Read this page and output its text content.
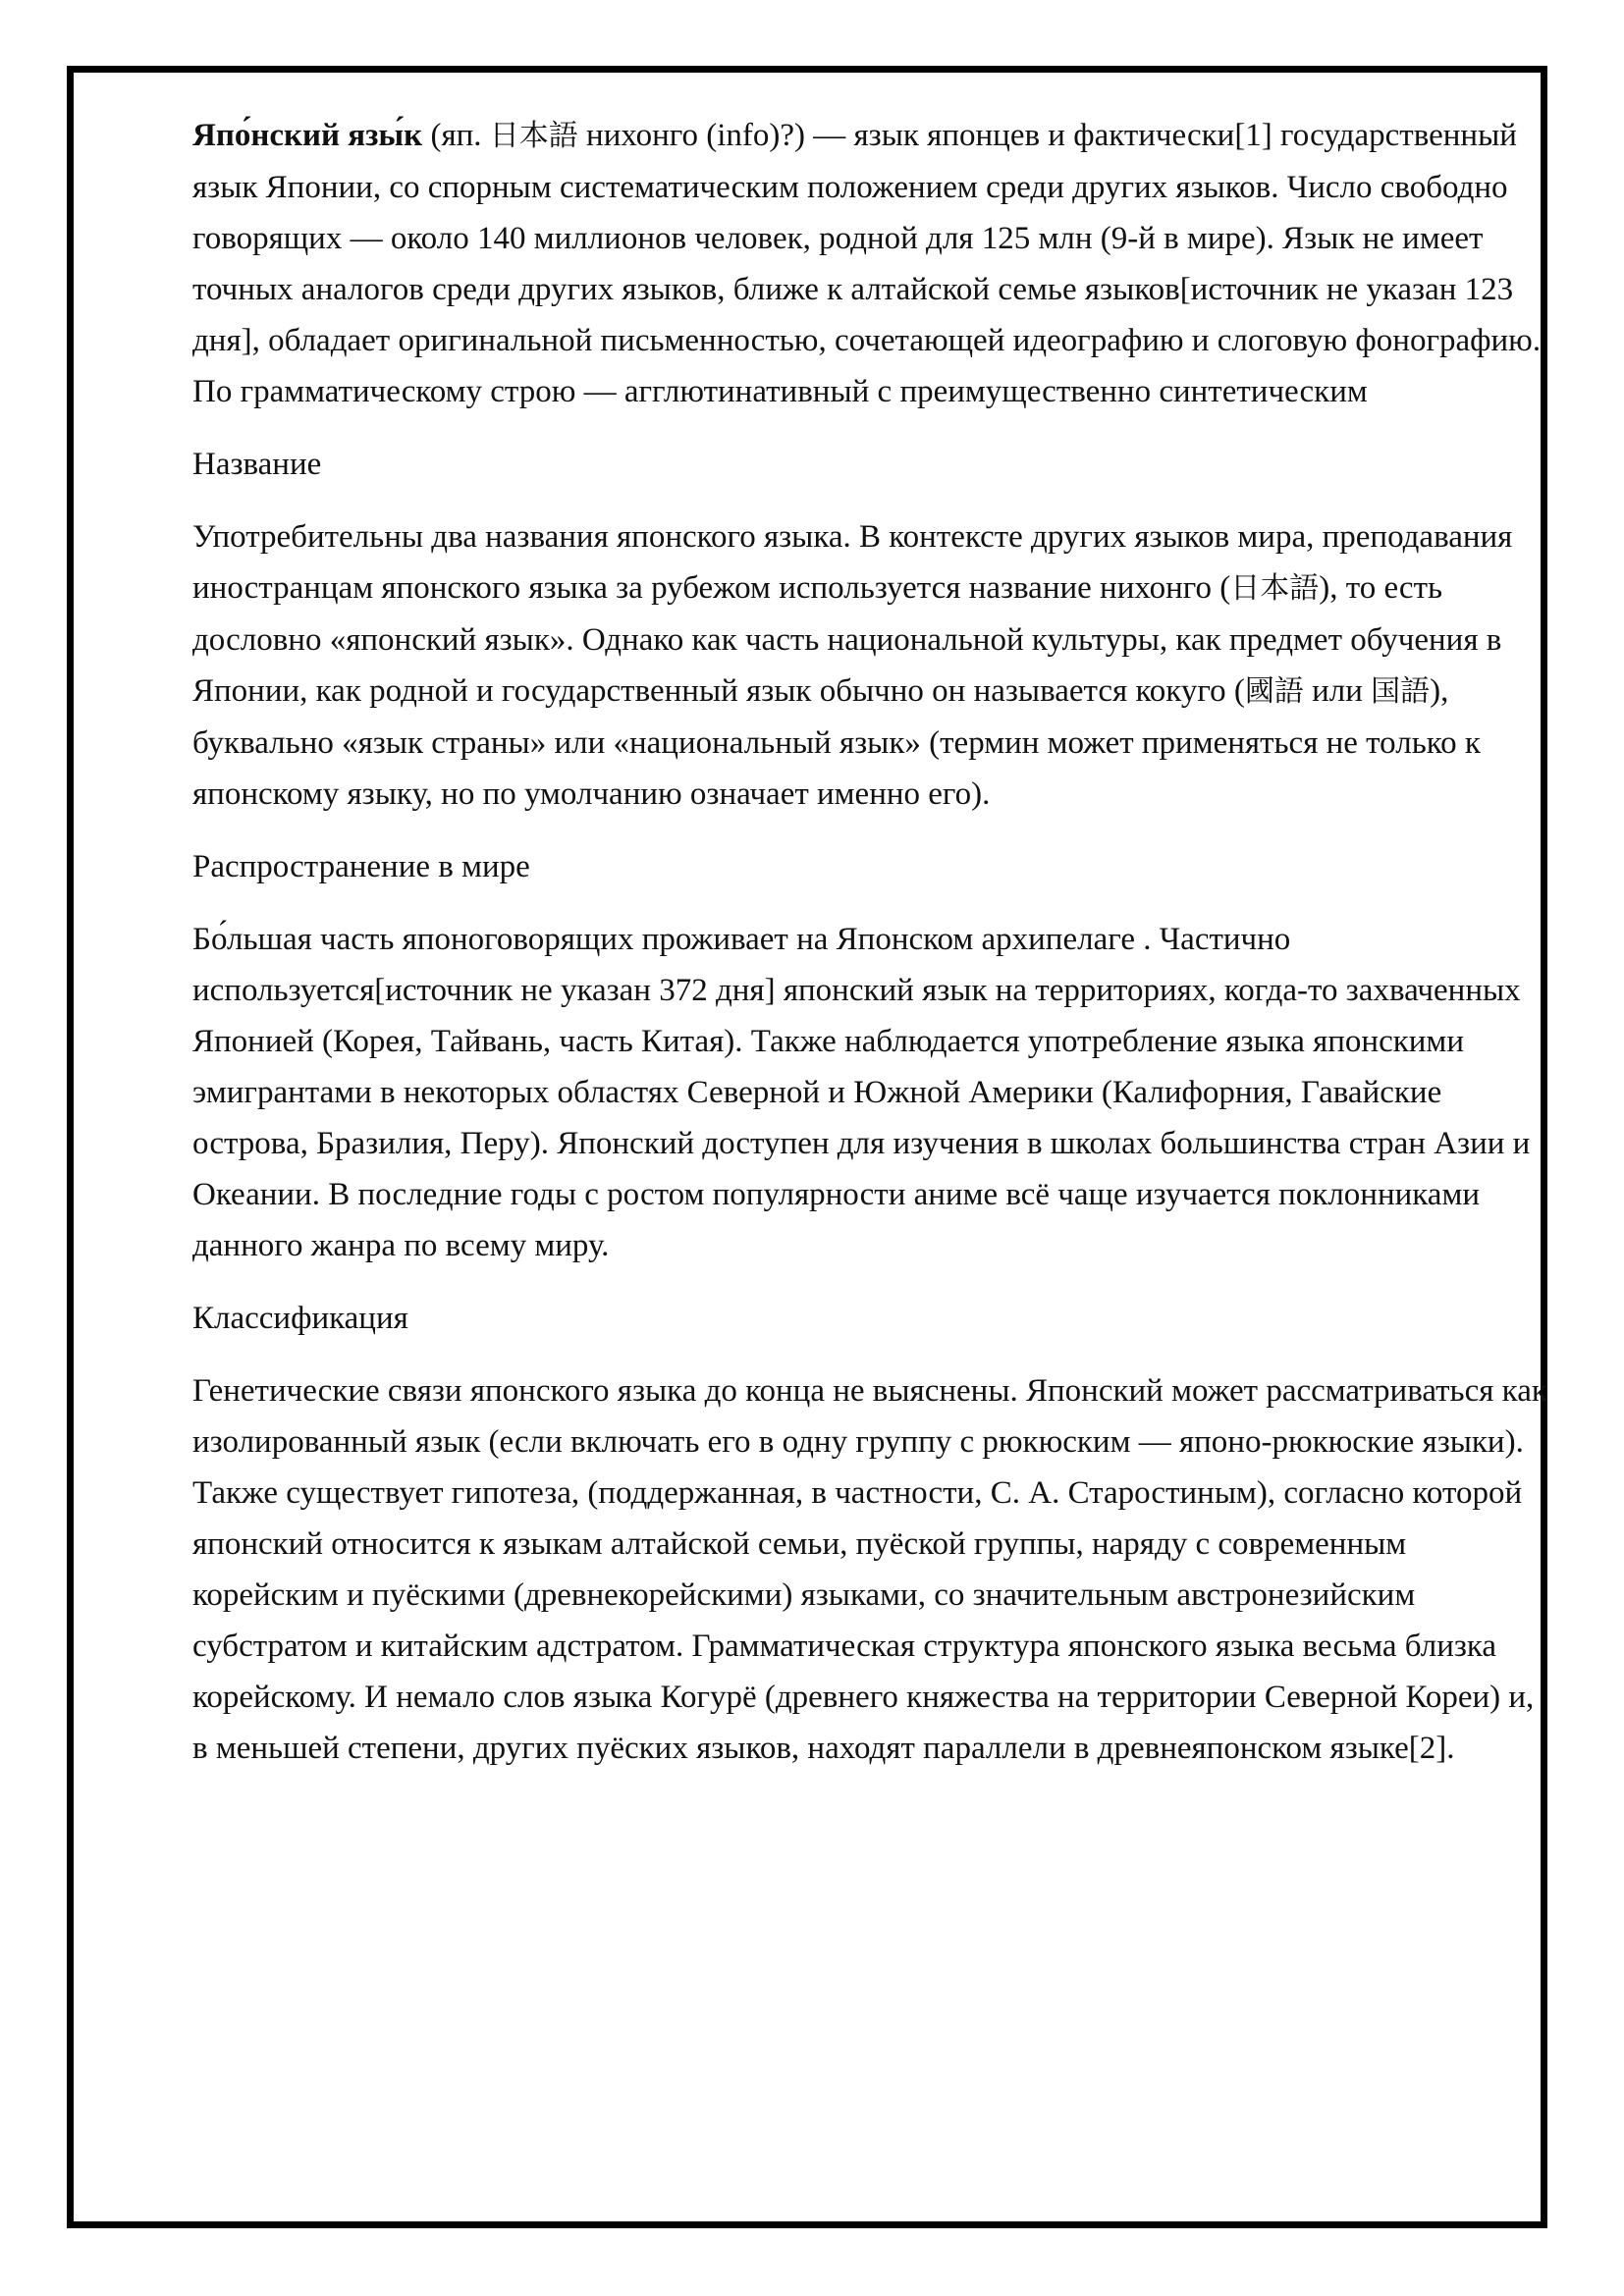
Япо́нский язы́к (яп. 日本語 нихонго (info)?) — язык японцев и фактически[1] государственный язык Японии, со спорным систематическим положением среди других языков. Число свободно говорящих — около 140 миллионов человек, родной для 125 млн (9-й в мире). Язык не имеет точных аналогов среди других языков, ближе к алтайской семье языков[источник не указан 123 дня], обладает оригинальной письменностью, сочетающей идеографию и слоговую фонографию. По грамматическому строю — агглютинативный с преимущественно синтетическим

Название

Употребительны два названия японского языка. В контексте других языков мира, преподавания иностранцам японского языка за рубежом используется название нихонго (日本語), то есть дословно «японский язык». Однако как часть национальной культуры, как предмет обучения в Японии, как родной и государственный язык обычно он называется кокуго (國語 или 国語), буквально «язык страны» или «национальный язык» (термин может применяться не только к японскому языку, но по умолчанию означает именно его).

Распространение в мире

Бо́льшая часть японоговорящих проживает на Японском архипелаге . Частично используется[источник не указан 372 дня] японский язык на территориях, когда-то захваченных Японией (Корея, Тайвань, часть Китая). Также наблюдается употребление языка японскими эмигрантами в некоторых областях Северной и Южной Америки (Калифорния, Гавайские острова, Бразилия, Перу). Японский доступен для изучения в школах большинства стран Азии и Океании. В последние годы с ростом популярности аниме всё чаще изучается поклонниками данного жанра по всему миру.

Классификация

Генетические связи японского языка до конца не выяснены. Японский может рассматриваться как изолированный язык (если включать его в одну группу с рюкюским — японо-рюкюские языки). Также существует гипотеза, (поддержанная, в частности, С. А. Старостиным), согласно которой японский относится к языкам алтайской семьи, пуёской группы, наряду с современным корейским и пуёскими (древнекорейскими) языками, со значительным австронезийским субстратом и китайским адстратом. Грамматическая структура японского языка весьма близка корейскому. И немало слов языка Когурё (древнего княжества на территории Северной Кореи) и, в меньшей степени, других пуёских языков, находят параллели в древнеяпонском языке[2].
